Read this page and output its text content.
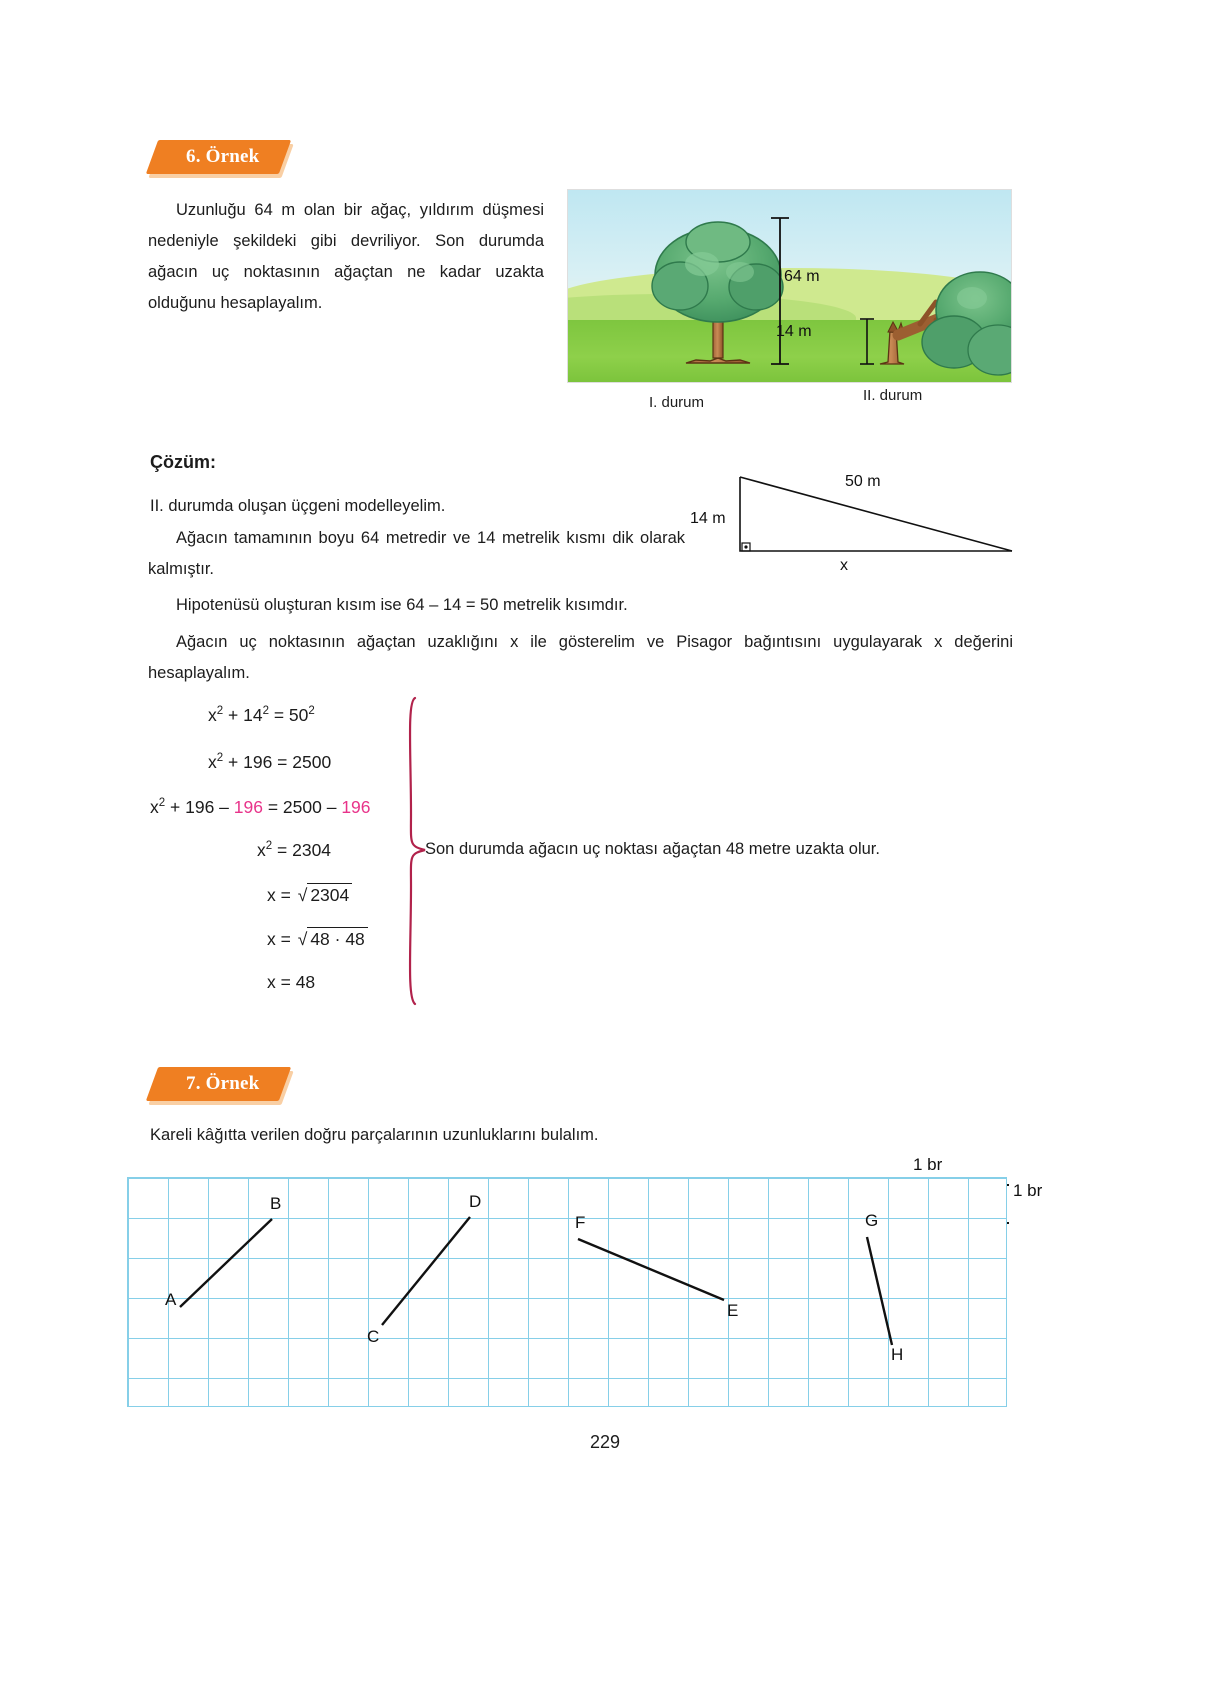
6. Örnek
Uzunluğu 64 m olan bir ağaç, yıldırım düşmesi nedeniyle şekildeki gibi devriliyor. Son durumda ağacın uç noktasının ağaçtan ne kadar uzakta olduğunu hesaplayalım.
64 m
14 m
I. durum	II. durum
Çözüm:
II. durumda oluşan üçgeni modelleyelim.
Ağacın tamamının boyu 64 metredir ve 14 metrelik kısmı dik olarak kalmıştır.
Hipotenüsü oluşturan kısım ise 64 – 14 = 50 metrelik kısımdır.
Ağacın uç noktasının ağaçtan uzaklığını x ile gösterelim ve Pisagor bağıntısını uygulayarak x değerini hesaplayalım.
14 m
50 m
x
$x^2 + 14^2 = 50^2$
$x^2 + 196 = 2500$
$x^2 + 196 - 196 = 2500 - 196$
$x^2 = 2304$
x = √ 2304
x = √ 48 · 48
x = 48
Son durumda ağacın uç noktası ağaçtan 48 metre uzakta olur.
7. Örnek
Kareli kâğıtta verilen doğru parçalarının uzunluklarını bulalım.
1 br
1 br
A
B
C
D
E
F	G
H
229
